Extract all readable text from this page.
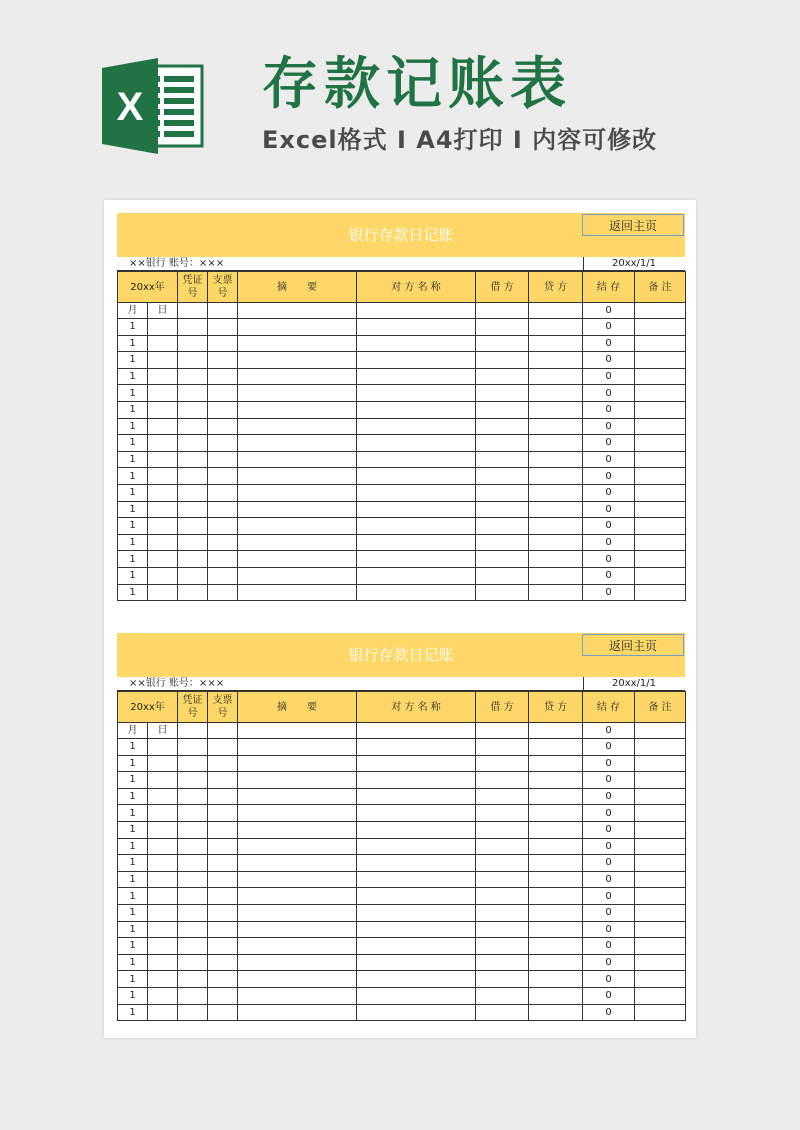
X 存款记账表
Excel格式 I A4打印 I 内容可修改
银行存款日记账	返回主页
××银行 账号：×××	20xx/1/1
20xx年		凭证号	支票号	摘　　要	对 方 名 称	借 方	贷 方	结 存	备 注
月	日							0	
1								0	
1								0	
1								0	
1								0	
1								0	
1								0	
1								0	
1								0	
1								0	
1								0	
1								0	
1								0	
1								0	
1								0	
1								0	
1								0	
1								0	
银行存款日记账	返回主页
××银行 账号：×××	20xx/1/1
20xx年		凭证号	支票号	摘　　要	对 方 名 称	借 方	贷 方	结 存	备 注
月	日							0	
1								0	
1								0	
1								0	
1								0	
1								0	
1								0	
1								0	
1								0	
1								0	
1								0	
1								0	
1								0	
1								0	
1								0	
1								0	
1								0	
1								0	
